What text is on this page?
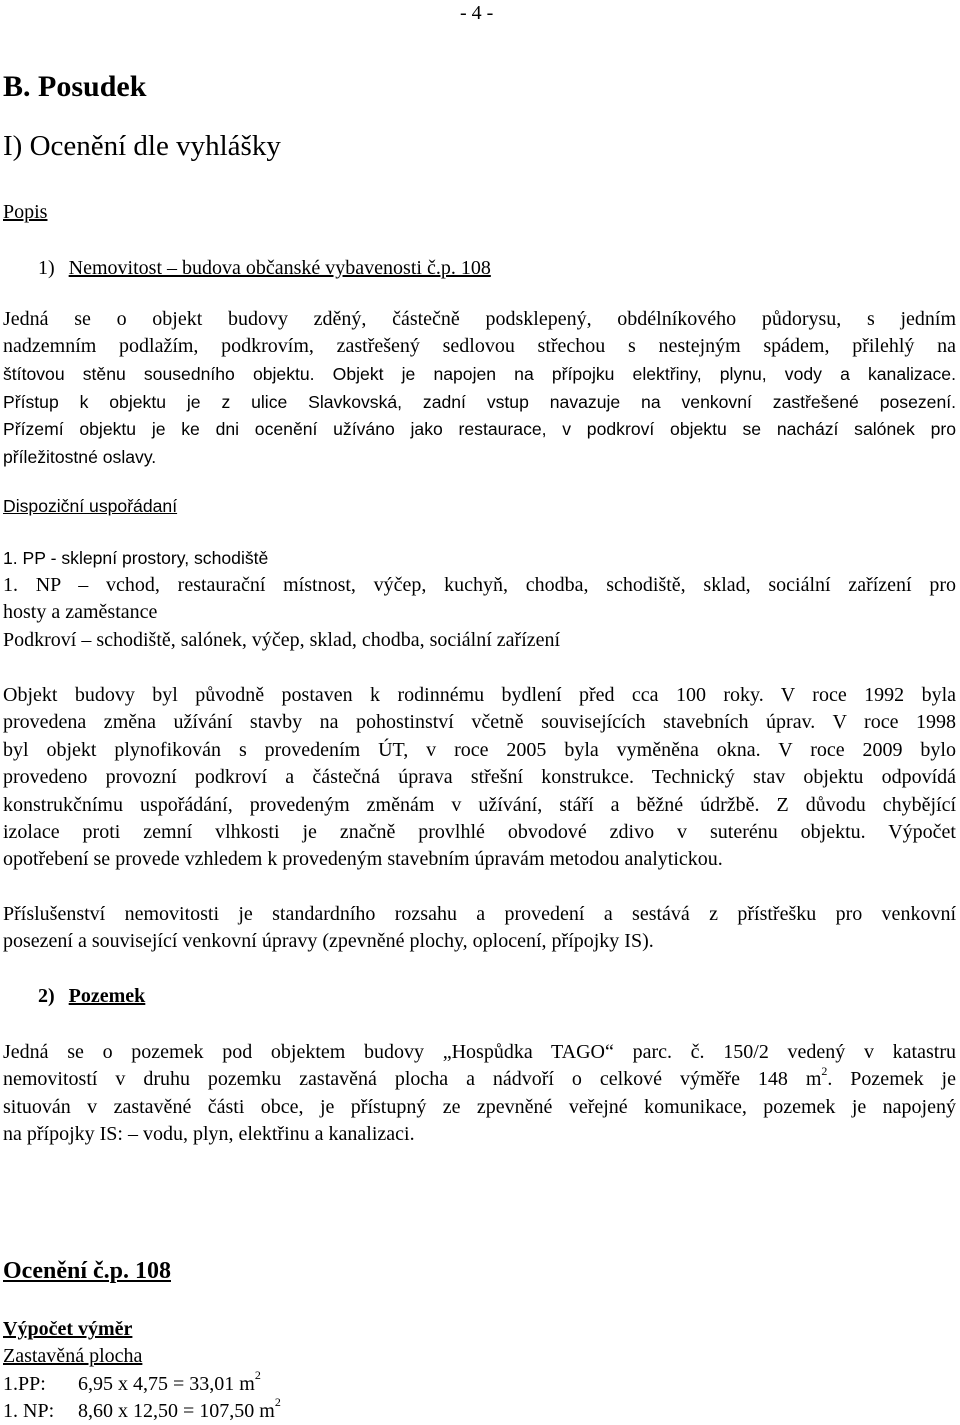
- 4 -
B. Posudek
I) Ocenění dle vyhlášky
Popis
1) Nemovitost – budova občanské vybavenosti č.p. 108
Jedná se o objekt budovy zděný, částečně podsklepený, obdélníkového půdorysu, s jedním
nadzemním podlažím, podkrovím, zastřešený sedlovou střechou s nestejným spádem, přilehlý na
štítovou stěnu sousedního objektu. Objekt je napojen na přípojku elektřiny, plynu, vody a kanalizace.
Přístup k objektu je z ulice Slavkovská, zadní vstup navazuje na venkovní zastřešené posezení.
Přízemí objektu je ke dni ocenění užíváno jako restaurace, v podkroví objektu se nachází salónek pro
příležitostné oslavy.
Dispoziční uspořádaní
1. PP - sklepní prostory, schodiště
1. NP – vchod, restaurační místnost, výčep, kuchyň, chodba, schodiště, sklad, sociální zařízení pro
hosty a zaměstance
Podkroví – schodiště, salónek, výčep, sklad, chodba, sociální zařízení
Objekt budovy byl původně postaven k rodinnému bydlení před cca 100 roky. V roce 1992 byla
provedena změna užívání stavby na pohostinství včetně souvisejících stavebních úprav. V roce 1998
byl objekt plynofikován s provedením ÚT, v roce 2005 byla vyměněna okna. V roce 2009 bylo
provedeno provozní podkroví a částečná úprava střešní konstrukce. Technický stav objektu odpovídá
konstrukčnímu uspořádání, provedeným změnám v užívání, stáří a běžné údržbě. Z důvodu chybějící
izolace proti zemní vlhkosti je značně provlhlé obvodové zdivo v suterénu objektu. Výpočet
opotřebení se provede vzhledem k provedeným stavebním úpravám metodou analytickou.
Příslušenství nemovitosti je standardního rozsahu a provedení a sestává z přístřešku pro venkovní
posezení a související venkovní úpravy (zpevněné plochy, oplocení, přípojky IS).
2) Pozemek
Jedná se o pozemek pod objektem budovy „Hospůdka TAGO“ parc. č. 150/2 vedený v katastru
nemovitostí v druhu pozemku zastavěná plocha a nádvoří o celkové výměře 148 $m^2$. Pozemek je
situován v zastavěné části obce, je přístupný ze zpevněné veřejné komunikace, pozemek je napojený
na přípojky IS: – vodu, plyn, elektřinu a kanalizaci.
Ocenění č.p. 108
Výpočet výměr
Zastavěná plocha
1.PP: 6,95 x 4,75 = 33,01 $m^2$
1. NP: 8,60 x 12,50 = 107,50 $m^2$
